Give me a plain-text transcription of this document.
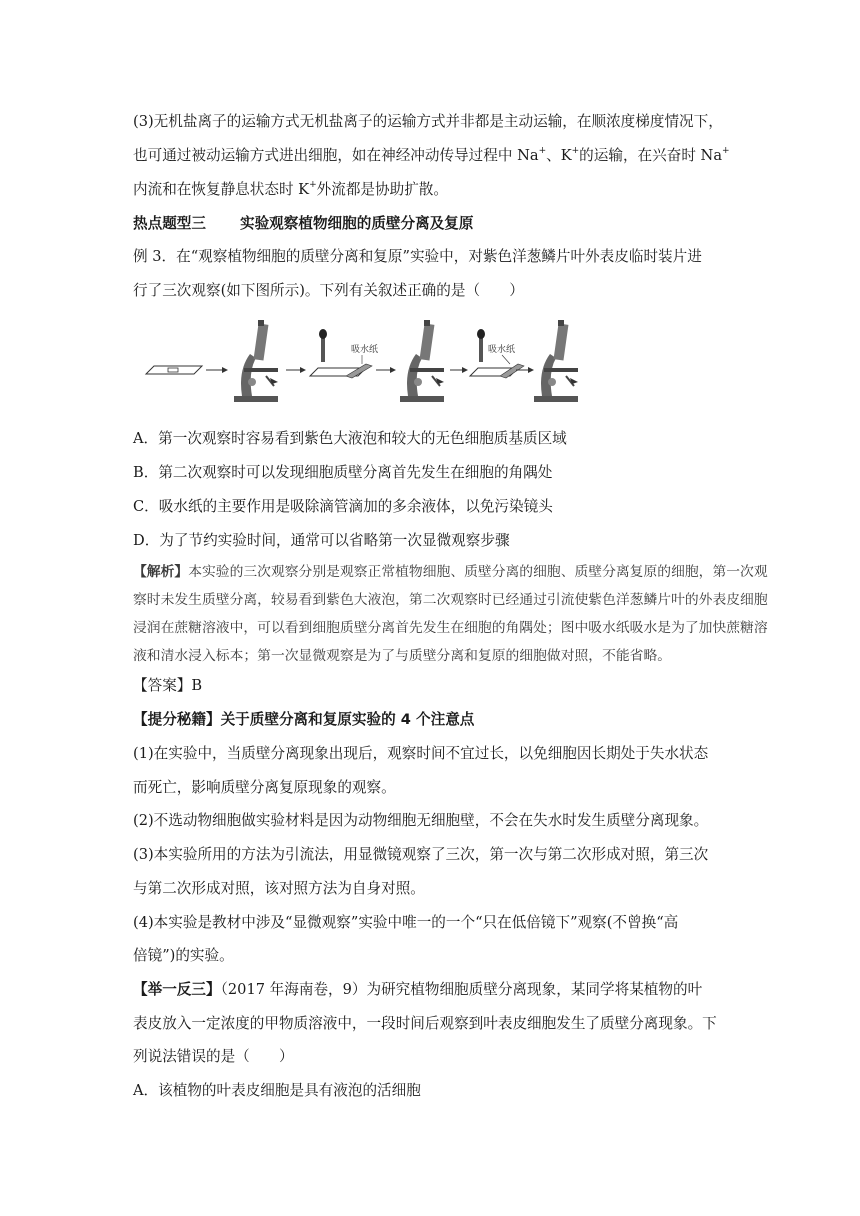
(3)无机盐离子的运输方式无机盐离子的运输方式并非都是主动运输，在顺浓度梯度情况下，
也可通过被动运输方式进出细胞，如在神经冲动传导过程中 Na+、K+的运输，在兴奋时 Na+
内流和在恢复静息状态时 K+外流都是协助扩散。
热点题型三 实验观察植物细胞的质壁分离及复原
例 3．在“观察植物细胞的质壁分离和复原”实验中，对紫色洋葱鳞片叶外表皮临时装片进
行了三次观察(如下图所示)。下列有关叙述正确的是（　　）
吸水纸	吸水纸
A．第一次观察时容易看到紫色大液泡和较大的无色细胞质基质区域
B．第二次观察时可以发现细胞质壁分离首先发生在细胞的角隅处
C．吸水纸的主要作用是吸除滴管滴加的多余液体，以免污染镜头
D．为了节约实验时间，通常可以省略第一次显微观察步骤
【解析】本实验的三次观察分别是观察正常植物细胞、质壁分离的细胞、质壁分离复原的细胞，第一次观
察时未发生质壁分离，较易看到紫色大液泡，第二次观察时已经通过引流使紫色洋葱鳞片叶的外表皮细胞
浸润在蔗糖溶液中，可以看到细胞质壁分离首先发生在细胞的角隅处；图中吸水纸吸水是为了加快蔗糖溶
液和清水浸入标本；第一次显微观察是为了与质壁分离和复原的细胞做对照，不能省略。
【答案】B
【提分秘籍】关于质壁分离和复原实验的 4 个注意点
(1)在实验中，当质壁分离现象出现后，观察时间不宜过长，以免细胞因长期处于失水状态
而死亡，影响质壁分离复原现象的观察。
(2)不选动物细胞做实验材料是因为动物细胞无细胞壁，不会在失水时发生质壁分离现象。
(3)本实验所用的方法为引流法，用显微镜观察了三次，第一次与第二次形成对照，第三次
与第二次形成对照，该对照方法为自身对照。
(4)本实验是教材中涉及“显微观察”实验中唯一的一个“只在低倍镜下”观察(不曾换“高
倍镜”)的实验。
【举一反三】（2017 年海南卷，9）为研究植物细胞质壁分离现象，某同学将某植物的叶
表皮放入一定浓度的甲物质溶液中，一段时间后观察到叶表皮细胞发生了质壁分离现象。下
列说法错误的是（　　）
A．该植物的叶表皮细胞是具有液泡的活细胞
